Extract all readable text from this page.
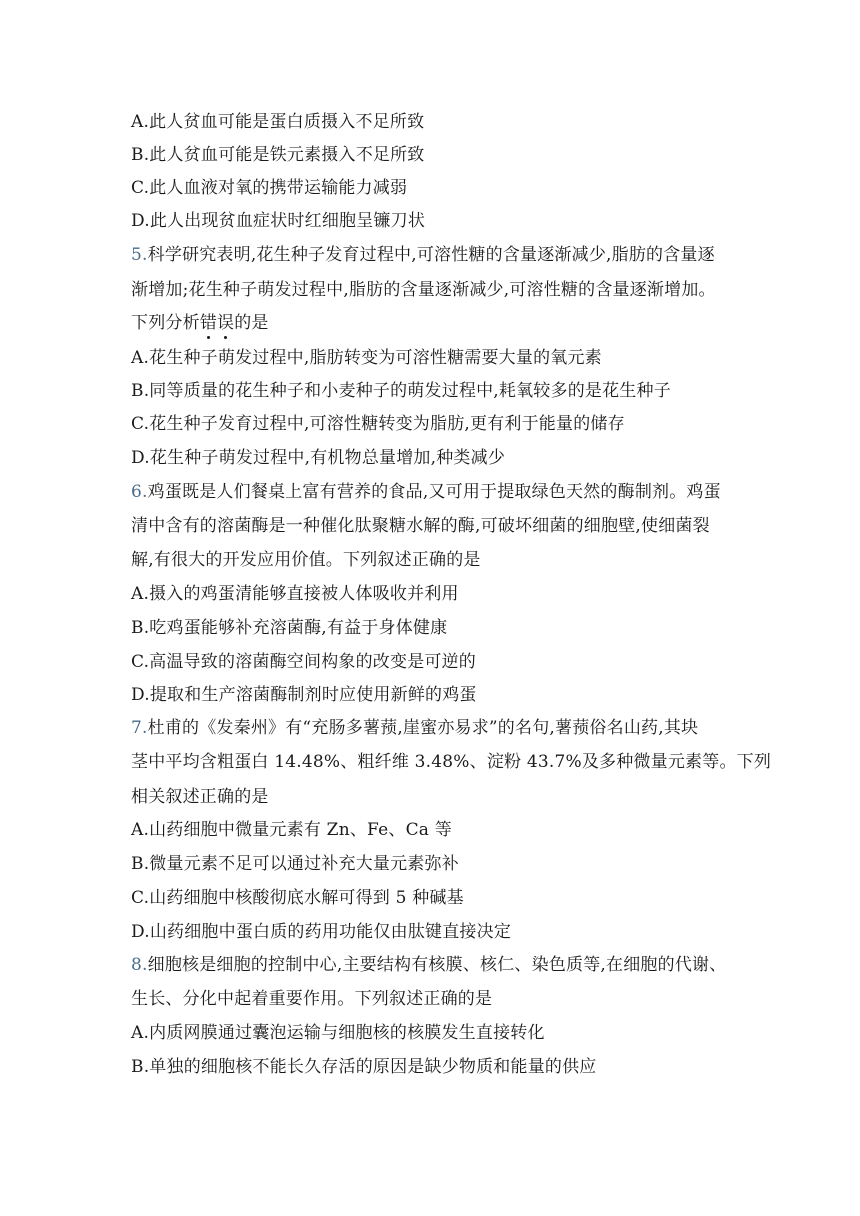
A.此人贫血可能是蛋白质摄入不足所致
B.此人贫血可能是铁元素摄入不足所致
C.此人血液对氧的携带运输能力减弱
D.此人出现贫血症状时红细胞呈镰刀状
5.科学研究表明,花生种子发育过程中,可溶性糖的含量逐渐减少,脂肪的含量逐
渐增加;花生种子萌发过程中,脂肪的含量逐渐减少,可溶性糖的含量逐渐增加。
下列分析错误的是
A.花生种子萌发过程中,脂肪转变为可溶性糖需要大量的氧元素
B.同等质量的花生种子和小麦种子的萌发过程中,耗氧较多的是花生种子
C.花生种子发育过程中,可溶性糖转变为脂肪,更有利于能量的储存
D.花生种子萌发过程中,有机物总量增加,种类减少
6.鸡蛋既是人们餐桌上富有营养的食品,又可用于提取绿色天然的酶制剂。鸡蛋
清中含有的溶菌酶是一种催化肽聚糖水解的酶,可破坏细菌的细胞壁,使细菌裂
解,有很大的开发应用价值。下列叙述正确的是
A.摄入的鸡蛋清能够直接被人体吸收并利用
B.吃鸡蛋能够补充溶菌酶,有益于身体健康
C.高温导致的溶菌酶空间构象的改变是可逆的
D.提取和生产溶菌酶制剂时应使用新鲜的鸡蛋
7.杜甫的《发秦州》有“充肠多薯蓣,崖蜜亦易求”的名句,薯蓣俗名山药,其块
茎中平均含粗蛋白 14.48%、粗纤维 3.48%、淀粉 43.7%及多种微量元素等。下列
相关叙述正确的是
A.山药细胞中微量元素有 Zn、Fe、Ca 等
B.微量元素不足可以通过补充大量元素弥补
C.山药细胞中核酸彻底水解可得到 5 种碱基
D.山药细胞中蛋白质的药用功能仅由肽键直接决定
8.细胞核是细胞的控制中心,主要结构有核膜、核仁、染色质等,在细胞的代谢、
生长、分化中起着重要作用。下列叙述正确的是
A.内质网膜通过囊泡运输与细胞核的核膜发生直接转化
B.单独的细胞核不能长久存活的原因是缺少物质和能量的供应
